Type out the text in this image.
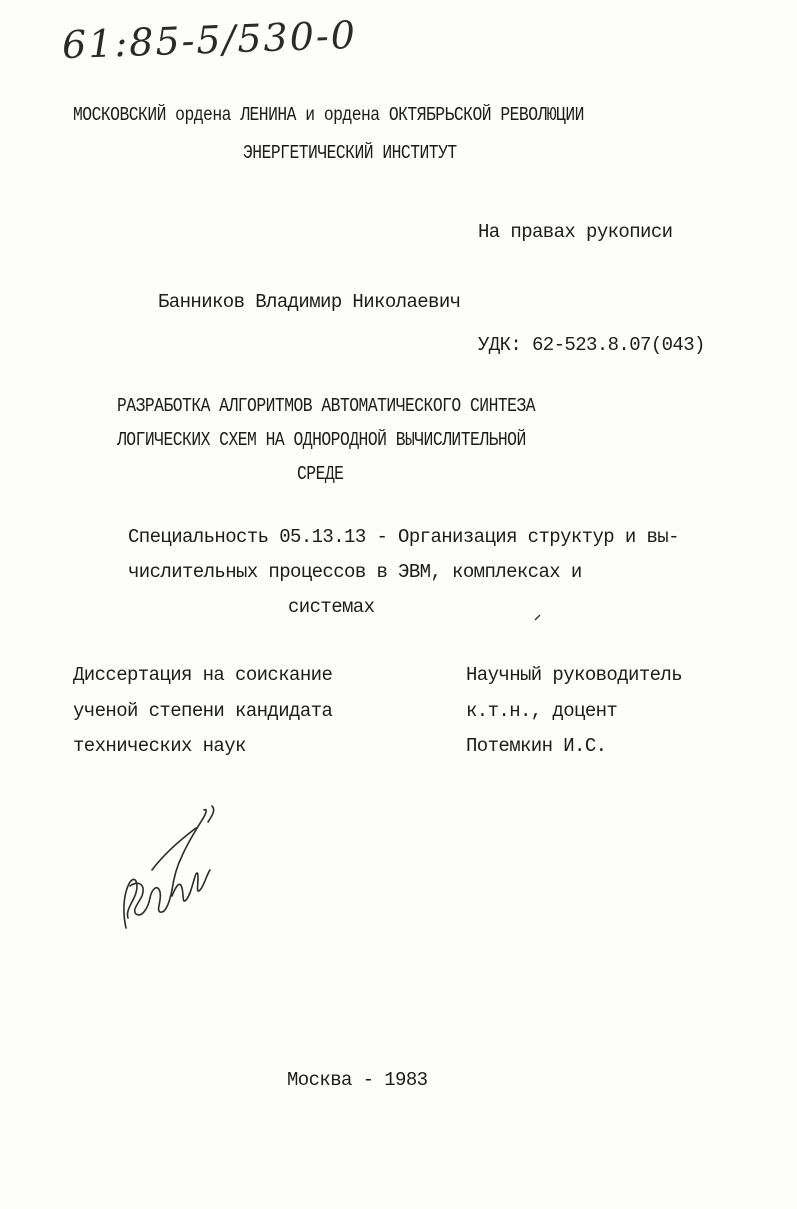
61:85-5/530-0
МОСКОВСКИЙ ордена ЛЕНИНА и ордена ОКТЯБРЬСКОЙ РЕВОЛЮЦИИ
ЭНЕРГЕТИЧЕСКИЙ ИНСТИТУТ
На правах рукописи
Банников Владимир Николаевич
УДК: 62-523.8.07(043)
РАЗРАБОТКА АЛГОРИТМОВ АВТОМАТИЧЕСКОГО СИНТЕЗА
ЛОГИЧЕСКИХ СХЕМ НА ОДНОРОДНОЙ ВЫЧИСЛИТЕЛЬНОЙ
СРЕДЕ
Специальность 05.13.13 - Организация структур и вы-
числительных процессов в ЭВМ, комплексах и
системах
Диссертация на соискание
ученой степени кандидата
технических наук
Научный руководитель
к.т.н., доцент
Потемкин И.С.
Москва - 1983
